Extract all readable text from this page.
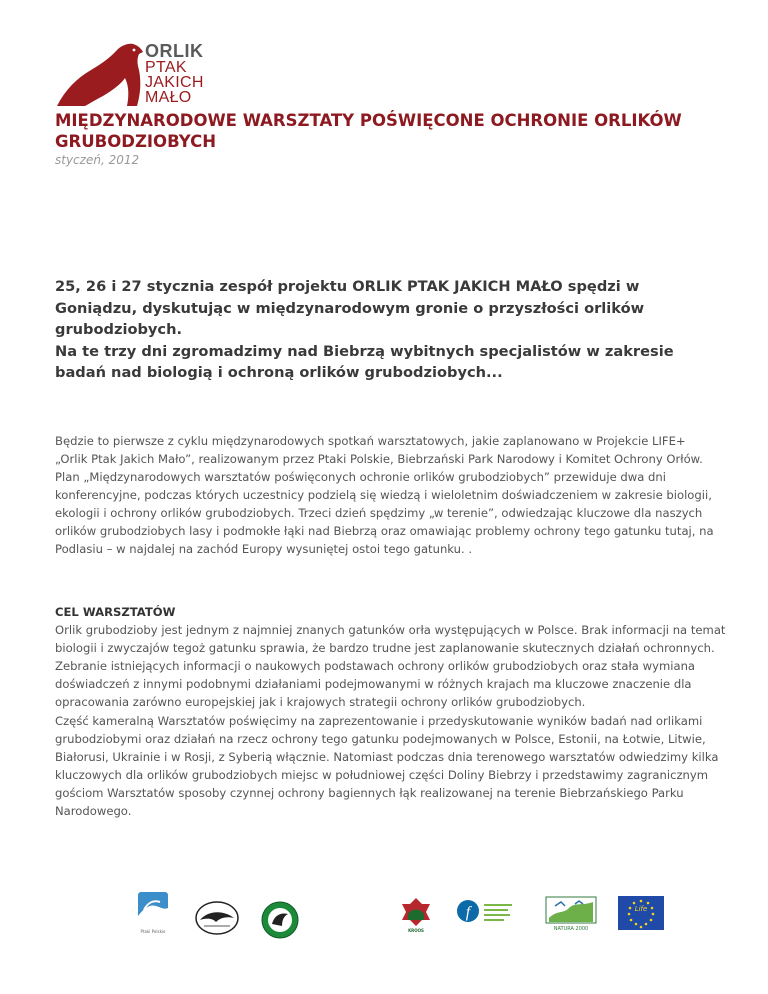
ORLIK
PTAK
JAKICH
MAŁO
MIĘDZYNARODOWE WARSZTATY POŚWIĘCONE OCHRONIE ORLIKÓW GRUBODZIOBYCH

styczeń, 2012

25, 26 i 27 stycznia zespół projektu ORLIK PTAK JAKICH MAŁO spędzi w Goniądzu, dyskutując w międzynarodowym gronie o przyszłości orlików grubodziobych.

Na te trzy dni zgromadzimy nad Biebrzą wybitnych specjalistów w zakresie badań nad biologią i ochroną orlików grubodziobych...

Będzie to pierwsze z cyklu międzynarodowych spotkań warsztatowych, jakie zaplanowano w Projekcie LIFE+ „Orlik Ptak Jakich Mało”, realizowanym przez Ptaki Polskie, Biebrzański Park Narodowy i Komitet Ochrony Orłów. Plan „Międzynarodowych warsztatów poświęconych ochronie orlików grubodziobych” przewiduje dwa dni konferencyjne, podczas których uczestnicy podzielą się wiedzą i wieloletnim doświadczeniem w zakresie biologii, ekologii i ochrony orlików grubodziobych. Trzeci dzień spędzimy „w terenie”, odwiedzając kluczowe dla naszych orlików grubodziobych lasy i podmokłe łąki nad Biebrzą oraz omawiając problemy ochrony tego gatunku tutaj, na Podlasiu – w najdalej na zachód Europy wysuniętej ostoi tego gatunku. .

CEL WARSZTATÓW

Orlik grubodzioby jest jednym z najmniej znanych gatunków orła występujących w Polsce. Brak informacji na temat biologii i zwyczajów tegoż gatunku sprawia, że bardzo trudne jest zaplanowanie skutecznych działań ochronnych.

Zebranie istniejących informacji o naukowych podstawach ochrony orlików grubodziobych oraz stała wymiana doświadczeń z innymi podobnymi działaniami podejmowanymi w różnych krajach ma kluczowe znaczenie dla opracowania zarówno europejskiej jak i krajowych strategii ochrony orlików grubodziobych.

Część kameralną Warsztatów poświęcimy na zaprezentowanie i przedyskutowanie wyników badań nad orlikami grubodziobymi oraz działań na rzecz ochrony tego gatunku podejmowanych w Polsce, Estonii, na Łotwie, Litwie, Białorusi, Ukrainie i w Rosji, z Syberią włącznie. Natomiast podczas dnia terenowego warsztatów odwiedzimy kilka kluczowych dla orlików grubodziobych miejsc w południowej części Doliny Biebrzy i przedstawimy zagranicznym gościom Warsztatów sposoby czynnej ochrony bagiennych łąk realizowanej na terenie Biebrzańskiego Parku Narodowego.

Ptaki Polskie	KROOS
f
NATURA 2000
Life
